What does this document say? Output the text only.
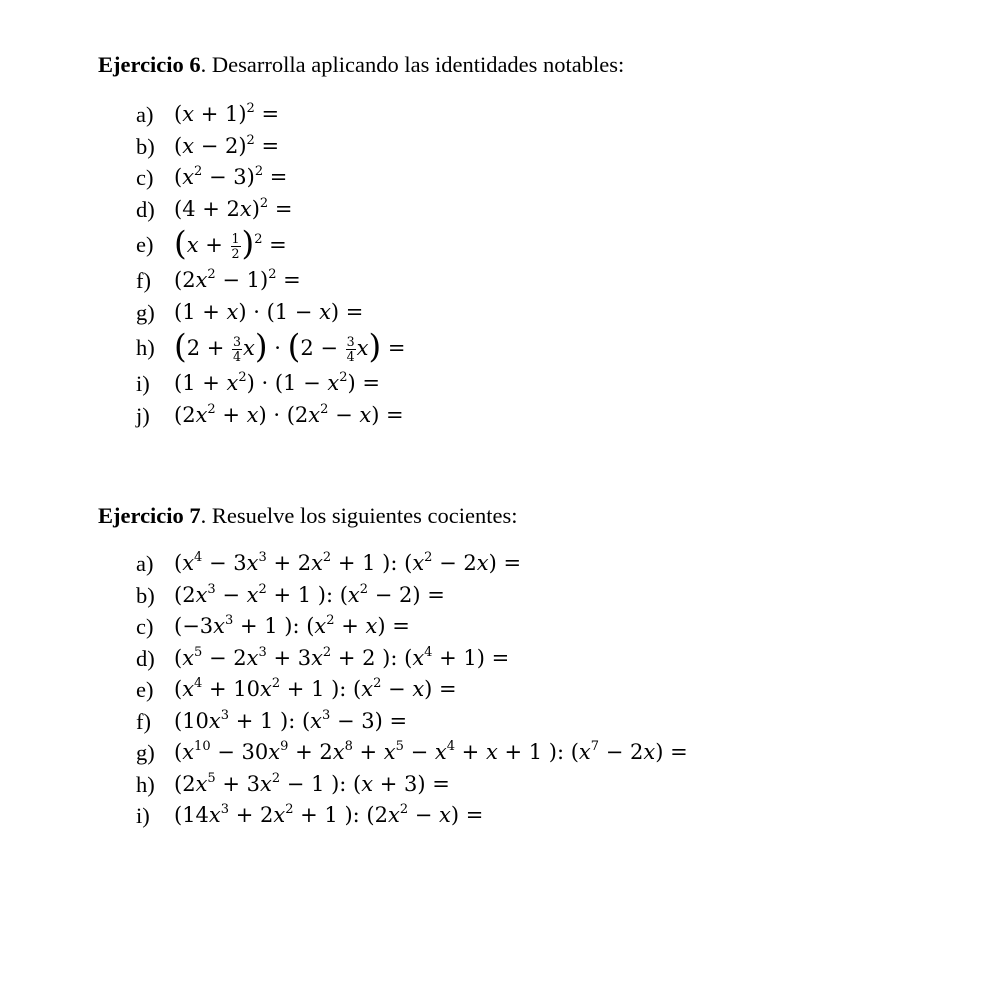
Ejercicio 6. Desarrolla aplicando las identidades notables:
a) $(x + 1)^2$ =
b) $(x - 2)^2$ =
c) $(x^2 - 3)^2$ =
d) $(4 + 2x)^2$ =
e) $(x + \frac{1}{2} )^2$ =
f)	$(2x^2 - 1)^2$ =
g) (1 + x) · (1 − x) =
h) $(2 + \frac{3}{4} x) \cdot (2 - \frac{3}{4} x)$ =
i)	$(1 + x^2) \cdot (1 - x^2)$ =
j)	$(2x^2 + x) \cdot (2x^2 - x)$ =
Ejercicio 7. Resuelve los siguientes cocientes:
a) ($x^4 - 3x^3 + 2x^2 + 1$ ): $(x^2 - 2x)$ =
b) ($2x^3 - x^2 + 1$ ): $(x^2 - 2)$ =
c) ($-3x^3 + 1$ ): $(x^2 + x)$ =
d) ($x^5 - 2x^3 + 3x^2 + 2$ ): $(x^4 + 1)$ =
e) ($x^4 + 10x^2 + 1$ ): $(x^2 - x)$ =
f)	($10x^3 + 1$ ): $(x^3 - 3)$ =
g) ($x^{10} - 30x^9 + 2x^8 + x^5 - x^4 + x + 1$ ): $(x^7 - 2x)$ =
h) ($2x^5 + 3x^2 - 1$ ): (x + 3) =
i)	($14x^3 + 2x^2 + 1$ ): $(2x^2 - x)$ =
